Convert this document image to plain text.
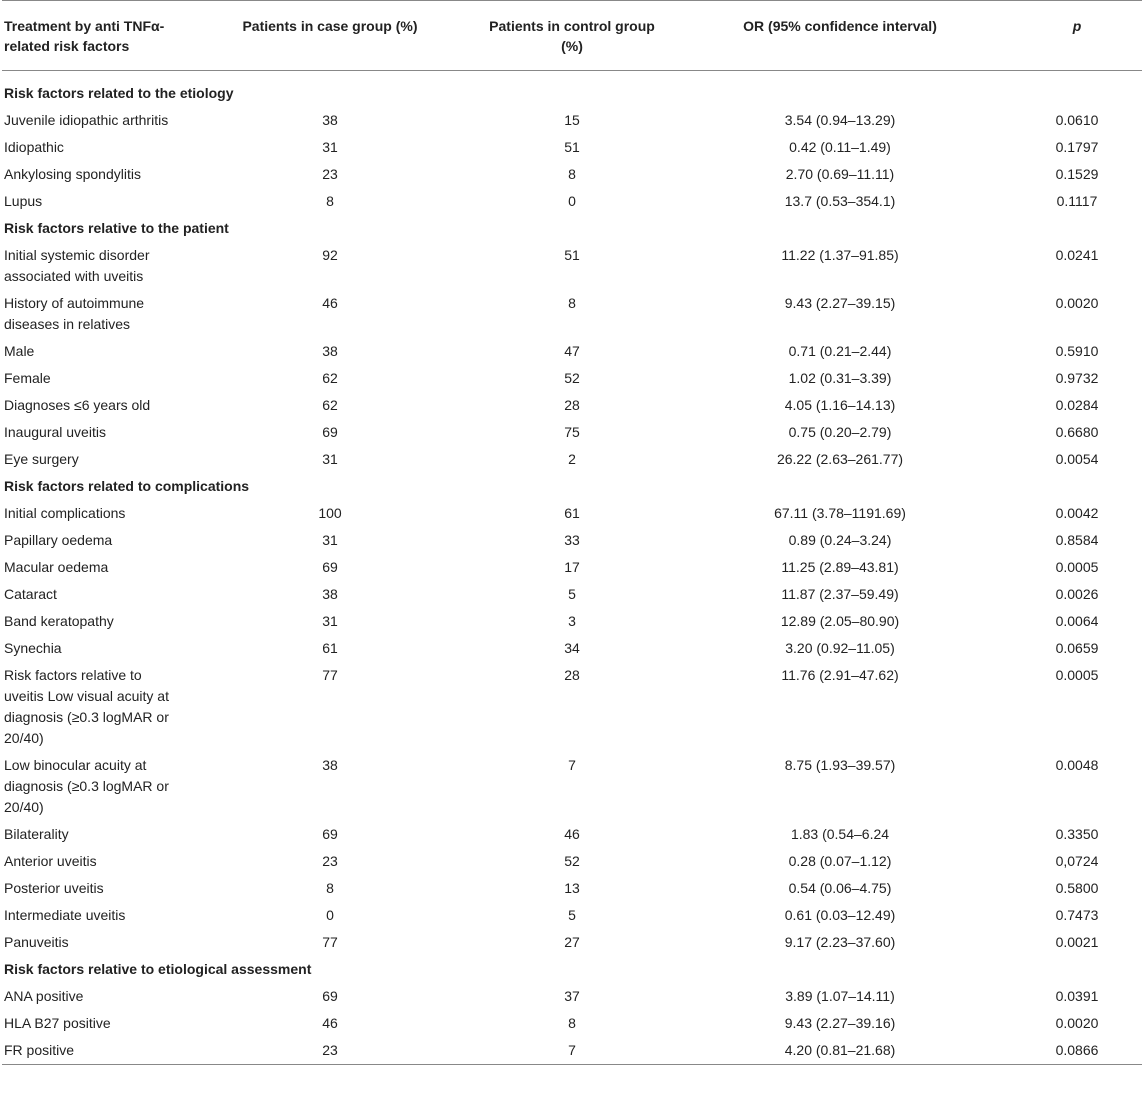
Treatment by anti TNFα- related risk factors	Patients in case group (%)	Patients in control group (%)	OR (95% confidence interval)	p
Risk factors related to the etiology				
Juvenile idiopathic arthritis	38	15	3.54 (0.94–13.29)	0.0610
Idiopathic	31	51	0.42 (0.11–1.49)	0.1797
Ankylosing spondylitis	23	8	2.70 (0.69–11.11)	0.1529
Lupus	8	0	13.7 (0.53–354.1)	0.1117
Risk factors relative to the patient				
Initial systemic disorder associated with uveitis	92	51	11.22 (1.37–91.85)	0.0241
History of autoimmune diseases in relatives	46	8	9.43 (2.27–39.15)	0.0020
Male	38	47	0.71 (0.21–2.44)	0.5910
Female	62	52	1.02 (0.31–3.39)	0.9732
Diagnoses ≤6 years old	62	28	4.05 (1.16–14.13)	0.0284
Inaugural uveitis	69	75	0.75 (0.20–2.79)	0.6680
Eye surgery	31	2	26.22 (2.63–261.77)	0.0054
Risk factors related to complications				
Initial complications	100	61	67.11 (3.78–1191.69)	0.0042
Papillary oedema	31	33	0.89 (0.24–3.24)	0.8584
Macular oedema	69	17	11.25 (2.89–43.81)	0.0005
Cataract	38	5	11.87 (2.37–59.49)	0.0026
Band keratopathy	31	3	12.89 (2.05–80.90)	0.0064
Synechia	61	34	3.20 (0.92–11.05)	0.0659
Risk factors relative to uveitis Low visual acuity at diagnosis (≥0.3 logMAR or 20/40)	77	28	11.76 (2.91–47.62)	0.0005
Low binocular acuity at diagnosis (≥0.3 logMAR or 20/40)	38	7	8.75 (1.93–39.57)	0.0048
Bilaterality	69	46	1.83 (0.54–6.24	0.3350
Anterior uveitis	23	52	0.28 (0.07–1.12)	0,0724
Posterior uveitis	8	13	0.54 (0.06–4.75)	0.5800
Intermediate uveitis	0	5	0.61 (0.03–12.49)	0.7473
Panuveitis	77	27	9.17 (2.23–37.60)	0.0021
Risk factors relative to etiological assessment				
ANA positive	69	37	3.89 (1.07–14.11)	0.0391
HLA B27 positive	46	8	9.43 (2.27–39.16)	0.0020
FR positive	23	7	4.20 (0.81–21.68)	0.0866
